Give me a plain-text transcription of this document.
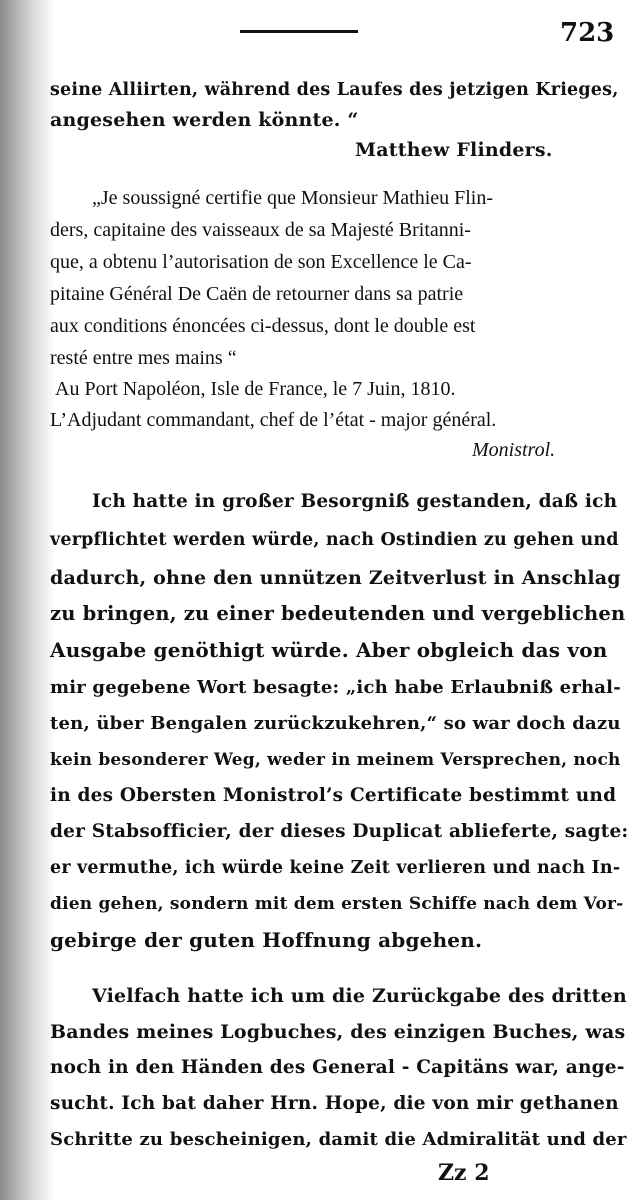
723
seine Alliirten, während des Laufes des jetzigen Krieges,
angesehen werden könnte. “
Matthew Flinders.
„Je soussigné certifie que Monsieur Mathieu Flin-
ders, capitaine des vaisseaux de sa Majesté Britanni-
que, a obtenu l’autorisation de son Excellence le Ca-
pitaine Général De Caën de retourner dans sa patrie
aux conditions énoncées ci-dessus, dont le double est
resté entre mes mains “
Au Port Napoléon, Isle de France, le 7 Juin, 1810.
L’Adjudant commandant, chef de l’état - major général.
Monistrol.
Ich hatte in großer Besorgniß gestanden, daß ich
verpflichtet werden würde, nach Ostindien zu gehen und
dadurch, ohne den unnützen Zeitverlust in Anschlag
zu bringen, zu einer bedeutenden und vergeblichen
Ausgabe genöthigt würde. Aber obgleich das von
mir gegebene Wort besagte: „ich habe Erlaubniß erhal-
ten, über Bengalen zurückzukehren,“ so war doch dazu
kein besonderer Weg, weder in meinem Versprechen, noch
in des Obersten Monistrol’s Certificate bestimmt und
der Stabsofficier, der dieses Duplicat ablieferte, sagte:
er vermuthe, ich würde keine Zeit verlieren und nach In-
dien gehen, sondern mit dem ersten Schiffe nach dem Vor-
gebirge der guten Hoffnung abgehen.
Vielfach hatte ich um die Zurückgabe des dritten
Bandes meines Logbuches, des einzigen Buches, was
noch in den Händen des General - Capitäns war, ange-
sucht. Ich bat daher Hrn. Hope, die von mir gethanen
Schritte zu bescheinigen, damit die Admiralität und der
Zz 2
